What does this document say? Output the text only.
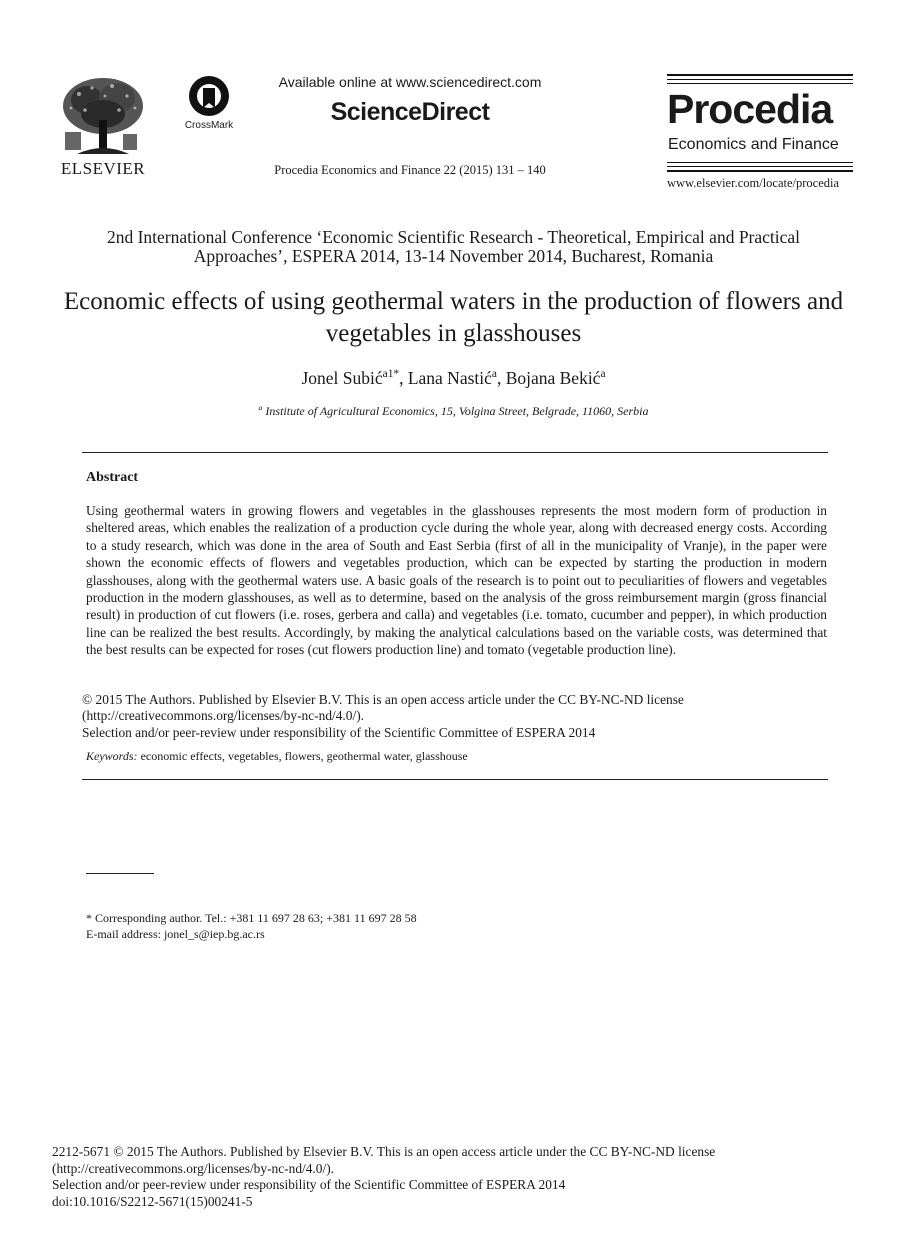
ELSEVIER
CrossMark
Available online at www.sciencedirect.com
ScienceDirect
Procedia Economics and Finance 22 (2015) 131 – 140
Procedia
Economics and Finance
www.elsevier.com/locate/procedia
2nd International Conference ‘Economic Scientific Research - Theoretical, Empirical and Practical Approaches’, ESPERA 2014, 13-14 November 2014, Bucharest, Romania
Economic effects of using geothermal waters in the production of flowers and vegetables in glasshouses
Jonel Subić$^{a1*}$, Lana Nastić$^a$, Bojana Bekić$^a$
$^a$ Institute of Agricultural Economics, 15, Volgina Street, Belgrade, 11060, Serbia
Abstract
Using geothermal waters in growing flowers and vegetables in the glasshouses represents the most modern form of production in sheltered areas, which enables the realization of a production cycle during the whole year, along with decreased energy costs. According to a study research, which was done in the area of South and East Serbia (first of all in the municipality of Vranje), in the paper were shown the economic effects of flowers and vegetables production, which can be expected by starting the production in modern glasshouses, along with the geothermal waters use. A basic goals of the research is to point out to peculiarities of flowers and vegetables production in the modern glasshouses, as well as to determine, based on the analysis of the gross reimbursement margin (gross financial result) in production of cut flowers (i.e. roses, gerbera and calla) and vegetables (i.e. tomato, cucumber and pepper), in which production line can be realized the best results. Accordingly, by making the analytical calculations based on the variable costs, was determined that the best results can be expected for roses (cut flowers production line) and tomato (vegetable production line).
© 2015 The Authors. Published by Elsevier B.V. This is an open access article under the CC BY-NC-ND license
(http://creativecommons.org/licenses/by-nc-nd/4.0/).
Selection and/or peer-review under responsibility of the Scientific Committee of ESPERA 2014
Keywords: economic effects, vegetables, flowers, geothermal water, glasshouse
* Corresponding author. Tel.: +381 11 697 28 63; +381 11 697 28 58
E-mail address: jonel_s@iep.bg.ac.rs
2212-5671 © 2015 The Authors. Published by Elsevier B.V. This is an open access article under the CC BY-NC-ND license
(http://creativecommons.org/licenses/by-nc-nd/4.0/).
Selection and/or peer-review under responsibility of the Scientific Committee of ESPERA 2014
doi:10.1016/S2212-5671(15)00241-5
